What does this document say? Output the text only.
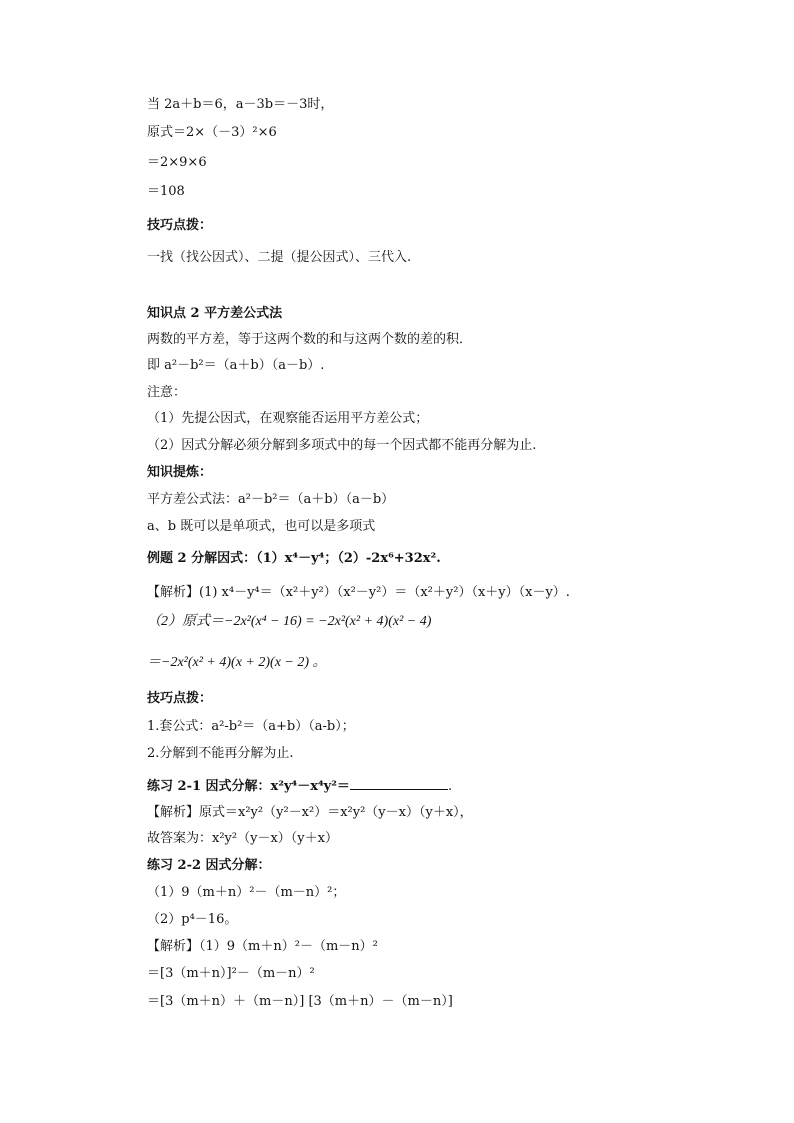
当 2a＋b＝6，a－3b＝－3时，
原式＝2×（－3）²×6
＝2×9×6
＝108
技巧点拨：
一找（找公因式）、二提（提公因式）、三代入.
知识点 2 平方差公式法
两数的平方差，等于这两个数的和与这两个数的差的积．
即 a²－b²＝（a＋b）（a－b）.
注意：
（1）先提公因式，在观察能否运用平方差公式；
（2）因式分解必须分解到多项式中的每一个因式都不能再分解为止.
知识提炼：
平方差公式法：a²－b²＝（a＋b）（a－b）
a、b 既可以是单项式，也可以是多项式
例题 2 分解因式：（1）x⁴－y⁴；（2）-2x⁶+32x².
【解析】(1) x⁴－y⁴＝（x²＋y²）（x²－y²）＝（x²＋y²）（x＋y）（x－y）.
（2）原式＝−2x²(x⁴ − 16) = −2x²(x² + 4)(x² − 4)
＝−2x²(x² + 4)(x + 2)(x − 2) 。
技巧点拨：
1.套公式：a²-b²＝（a+b）（a-b）；
2.分解到不能再分解为止.
练习 2-1 因式分解：x²y⁴－x⁴y²＝	.
【解析】原式＝x²y²（y²－x²）＝x²y²（y－x）（y＋x），
故答案为：x²y²（y－x）（y＋x）
练习 2-2 因式分解：
（1）9（m＋n）²－（m－n）²；
（2）p⁴－16。
【解析】（1）9（m＋n）²－（m－n）²
＝[3（m＋n）]²－（m－n）²
＝[3（m＋n）＋（m－n）] [3（m＋n）－（m－n）]
